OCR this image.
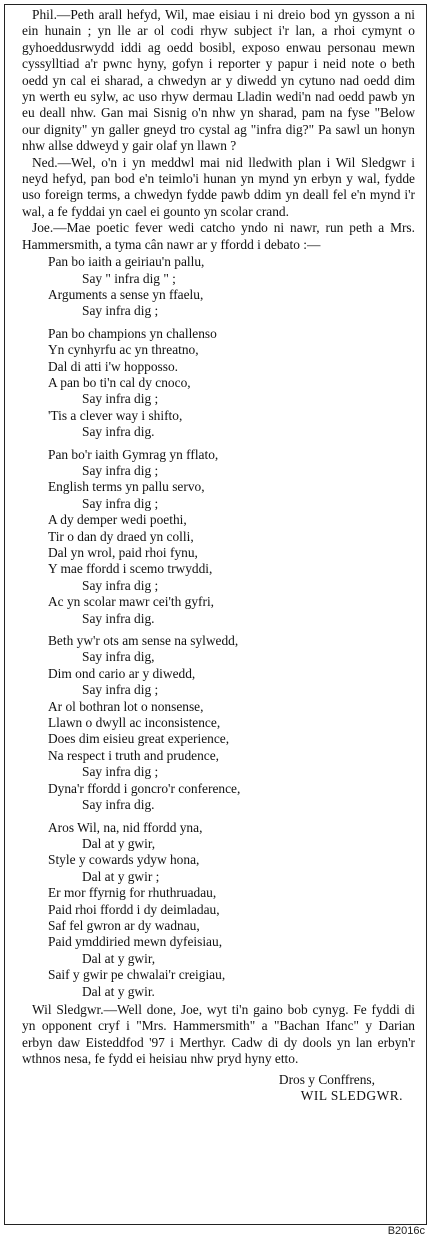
Phil.—Peth arall hefyd, Wil, mae eisiau i ni dreio bod yn gysson a ni ein hunain ; yn lle ar ol codi rhyw subject i'r lan, a rhoi cymynt o gyhoeddusrwydd iddi ag oedd bosibl, exposo enwau personau mewn cyssylltiad a'r pwnc hyny, gofyn i reporter y papur i neid note o beth oedd yn cal ei sharad, a chwedyn ar y diwedd yn cytuno nad oedd dim yn werth eu sylw, ac uso rhyw dermau Lladin wedi'n nad oedd pawb yn eu deall nhw. Gan mai Sisnig o'n nhw yn sharad, pam na fyse "Below our dignity" yn galler gneyd tro cystal ag "infra dig?" Pa sawl un honyn nhw allse ddweyd y gair olaf yn llawn ?

Ned.—Wel, o'n i yn meddwl mai nid lledwith plan i Wil Sledgwr i neyd hefyd, pan bod e'n teimlo'i hunan yn mynd yn erbyn y wal, fydde uso foreign terms, a chwedyn fydde pawb ddim yn deall fel e'n mynd i'r wal, a fe fyddai yn cael ei gounto yn scolar crand.

Joe.—Mae poetic fever wedi catcho yndo ni nawr, run peth a Mrs. Hammersmith, a tyma cân nawr ar y ffordd i debato :—

Pan bo iaith a geiriau'n pallu,
Say " infra dig " ;
Arguments a sense yn ffaelu,
Say infra dig ;
Pan bo champions yn challenso
Yn cynhyrfu ac yn threatno,
Dal di atti i'w hopposso.
A pan bo ti'n cal dy cnoco,
Say infra dig ;
'Tis a clever way i shifto,
Say infra dig.
Pan bo'r iaith Gymrag yn fflato,
Say infra dig ;
English terms yn pallu servo,
Say infra dig ;
A dy demper wedi poethi,
Tir o dan dy draed yn colli,
Dal yn wrol, paid rhoi fynu,
Y mae ffordd i scemo trwyddi,
Say infra dig ;
Ac yn scolar mawr cei'th gyfri,
Say infra dig.
Beth yw'r ots am sense na sylwedd,
Say infra dig,
Dim ond cario ar y diwedd,
Say infra dig ;
Ar ol bothran lot o nonsense,
Llawn o dwyll ac inconsistence,
Does dim eisieu great experience,
Na respect i truth and prudence,
Say infra dig ;
Dyna'r ffordd i goncro'r conference,
Say infra dig.
Aros Wil, na, nid ffordd yna,
Dal at y gwir,
Style y cowards ydyw hona,
Dal at y gwir ;
Er mor ffyrnig for rhuthruadau,
Paid rhoi ffordd i dy deimladau,
Saf fel gwron ar dy wadnau,
Paid ymddiried mewn dyfeisiau,
Dal at y gwir,
Saif y gwir pe chwalai'r creigiau,
Dal at y gwir.

Wil Sledgwr.—Well done, Joe, wyt ti'n gaino bob cynyg. Fe fyddi di yn opponent cryf i "Mrs. Hammersmith" a "Bachan Ifanc" y Darian erbyn daw Eisteddfod '97 i Merthyr. Cadw di dy dools yn lan erbyn'r wthnos nesa, fe fydd ei heisiau nhw pryd hyny etto.

Dros y Conffrens,

WIL SLEDGWR.

B2016c
